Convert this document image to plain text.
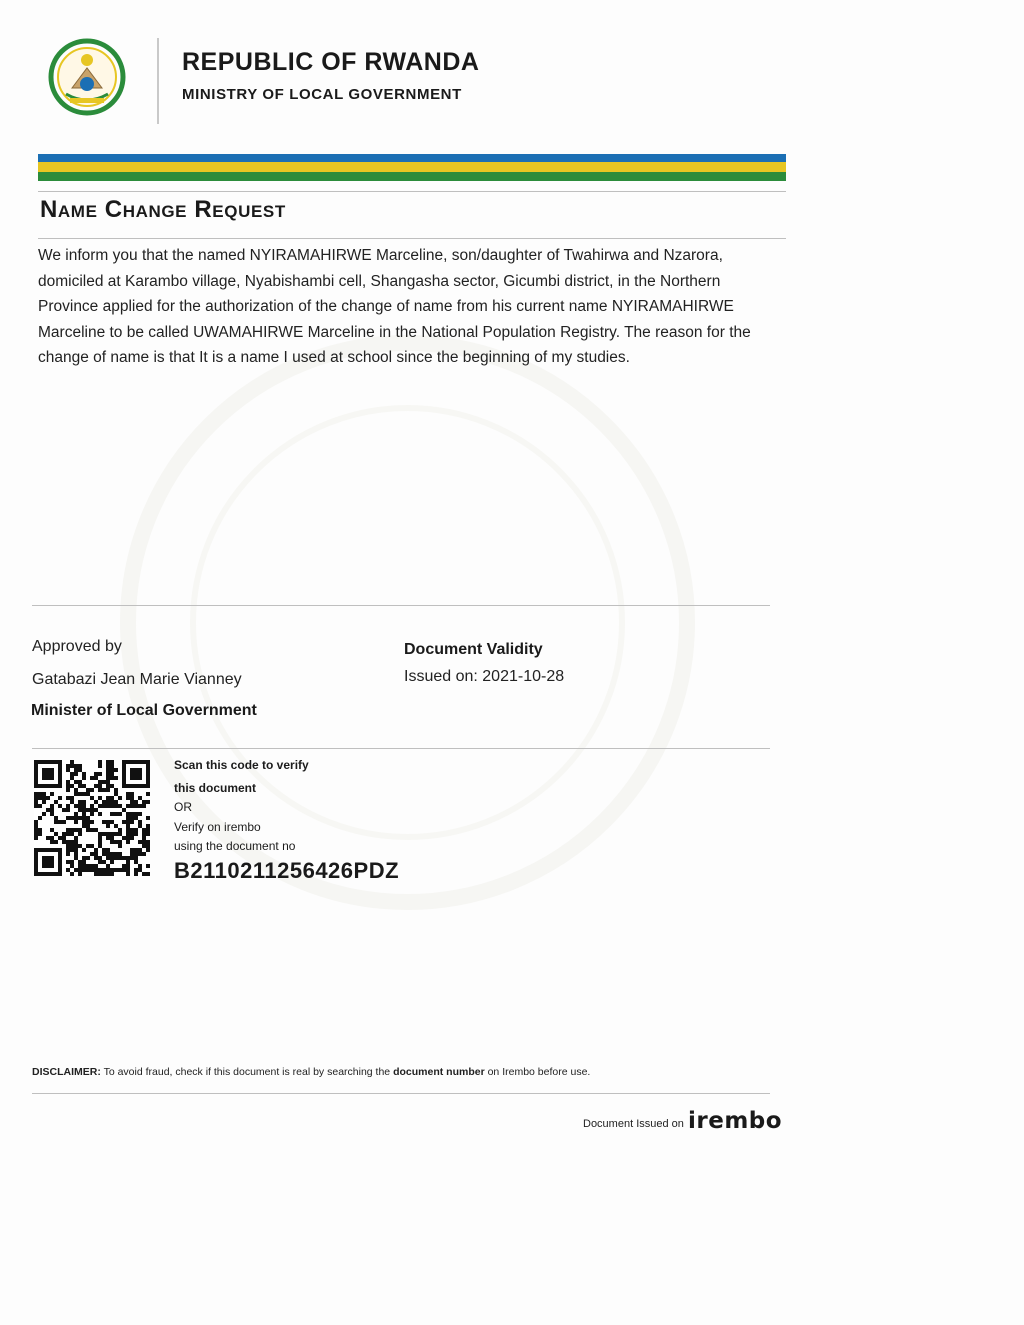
REPUBLIC OF RWANDA
MINISTRY OF LOCAL GOVERNMENT
Name Change Request

We inform you that the named NYIRAMAHIRWE Marceline, son/daughter of Twahirwa and Nzarora, domiciled at Karambo village, Nyabishambi cell, Shangasha sector, Gicumbi district, in the Northern Province applied for the authorization of the change of name from his current name NYIRAMAHIRWE Marceline to be called UWAMAHIRWE Marceline in the National Population Registry. The reason for the change of name is that It is a name I used at school since the beginning of my studies.

Approved by
Gatabazi Jean Marie Vianney
Minister of Local Government
Document Validity
Issued on: 2021-10-28
Scan this code to verify
this document
OR
Verify on irembo
using the document no
B2110211256426PDZ
DISCLAIMER: To avoid fraud, check if this document is real by searching the document number on Irembo before use.
Document Issued on irembo
